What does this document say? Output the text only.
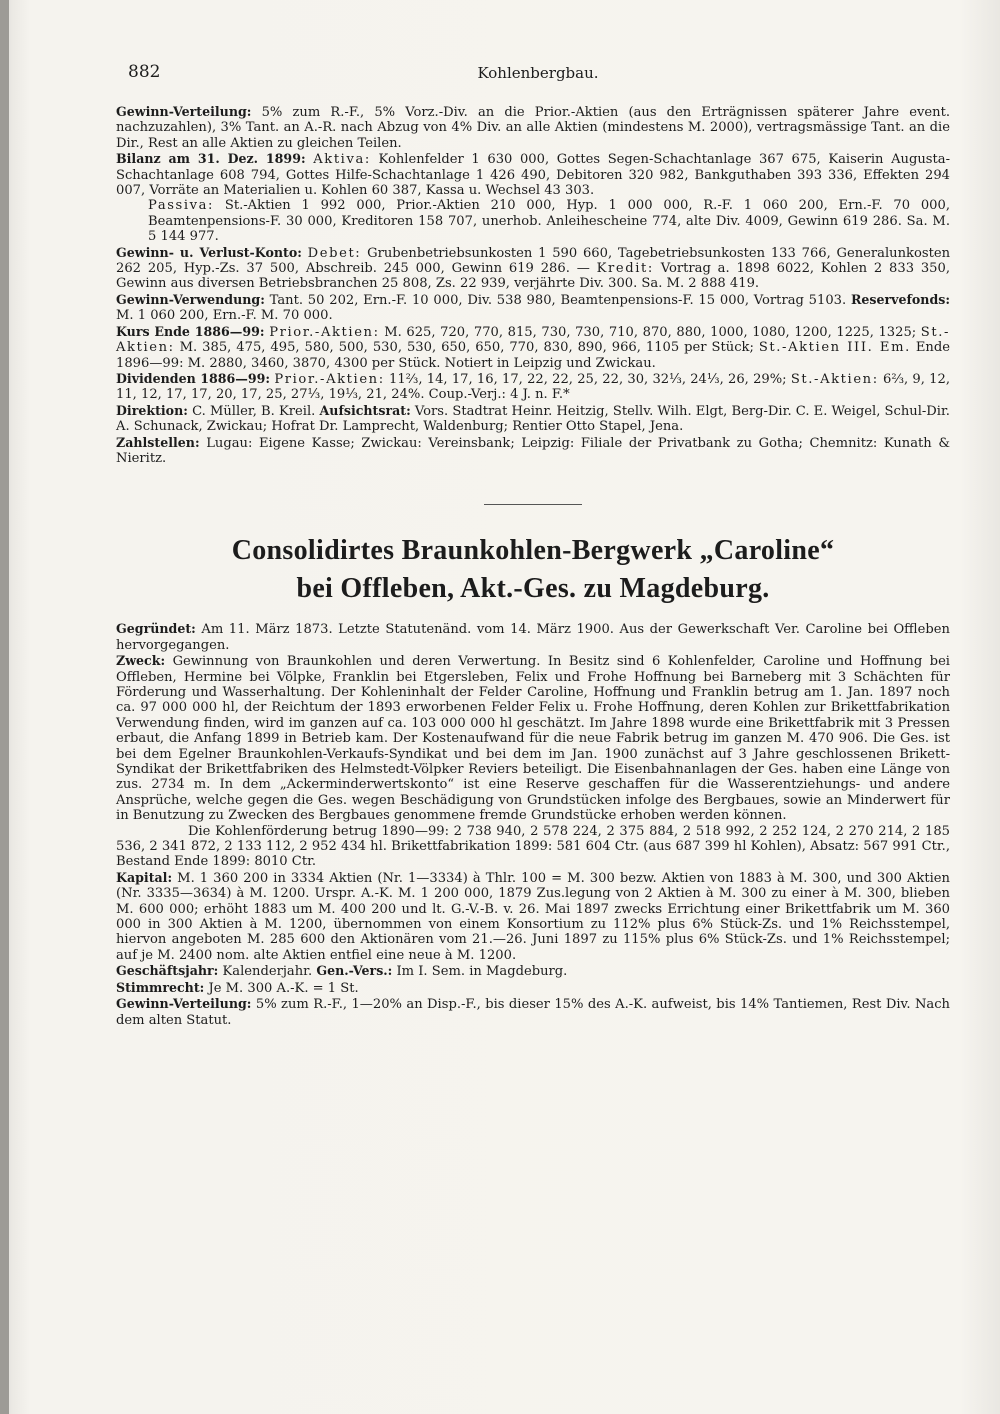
882	Kohlenbergbau.

Gewinn-Verteilung: 5% zum R.-F., 5% Vorz.-Div. an die Prior.-Aktien (aus den Erträgnissen späterer Jahre event. nachzuzahlen), 3% Tant. an A.-R. nach Abzug von 4% Div. an alle Aktien (mindestens M. 2000), vertragsmässige Tant. an die Dir., Rest an alle Aktien zu gleichen Teilen.

Bilanz am 31. Dez. 1899: Aktiva: Kohlenfelder 1 630 000, Gottes Segen-Schachtanlage 367 675, Kaiserin Augusta-Schachtanlage 608 794, Gottes Hilfe-Schachtanlage 1 426 490, Debitoren 320 982, Bankguthaben 393 336, Effekten 294 007, Vorräte an Materialien u. Kohlen 60 387, Kassa u. Wechsel 43 303.
Passiva: St.-Aktien 1 992 000, Prior.-Aktien 210 000, Hyp. 1 000 000, R.-F. 1 060 200, Ern.-F. 70 000, Beamtenpensions-F. 30 000, Kreditoren 158 707, unerhob. Anleihescheine 774, alte Div. 4009, Gewinn 619 286. Sa. M. 5 144 977.

Gewinn- u. Verlust-Konto: Debet: Grubenbetriebsunkosten 1 590 660, Tagebetriebsunkosten 133 766, Generalunkosten 262 205, Hyp.-Zs. 37 500, Abschreib. 245 000, Gewinn 619 286. — Kredit: Vortrag a. 1898 6022, Kohlen 2 833 350, Gewinn aus diversen Betriebsbranchen 25 808, Zs. 22 939, verjährte Div. 300. Sa. M. 2 888 419.

Gewinn-Verwendung: Tant. 50 202, Ern.-F. 10 000, Div. 538 980, Beamtenpensions-F. 15 000, Vortrag 5103. Reservefonds: M. 1 060 200, Ern.-F. M. 70 000.

Kurs Ende 1886—99: Prior.-Aktien: M. 625, 720, 770, 815, 730, 730, 710, 870, 880, 1000, 1080, 1200, 1225, 1325; St.-Aktien: M. 385, 475, 495, 580, 500, 530, 530, 650, 650, 770, 830, 890, 966, 1105 per Stück; St.-Aktien III. Em. Ende 1896—99: M. 2880, 3460, 3870, 4300 per Stück. Notiert in Leipzig und Zwickau.

Dividenden 1886—99: Prior.-Aktien: 11⅔, 14, 17, 16, 17, 22, 22, 25, 22, 30, 32⅓, 24⅓, 26, 29%; St.-Aktien: 6⅔, 9, 12, 11, 12, 17, 17, 20, 17, 25, 27⅓, 19⅓, 21, 24%. Coup.-Verj.: 4 J. n. F.*

Direktion: C. Müller, B. Kreil. Aufsichtsrat: Vors. Stadtrat Heinr. Heitzig, Stellv. Wilh. Elgt, Berg-Dir. C. E. Weigel, Schul-Dir. A. Schunack, Zwickau; Hofrat Dr. Lamprecht, Waldenburg; Rentier Otto Stapel, Jena.

Zahlstellen: Lugau: Eigene Kasse; Zwickau: Vereinsbank; Leipzig: Filiale der Privatbank zu Gotha; Chemnitz: Kunath & Nieritz.

Consolidirtes Braunkohlen-Bergwerk „Caroline“
bei Offleben, Akt.-Ges. zu Magdeburg.

Gegründet: Am 11. März 1873. Letzte Statutenänd. vom 14. März 1900. Aus der Gewerkschaft Ver. Caroline bei Offleben hervorgegangen.

Zweck: Gewinnung von Braunkohlen und deren Verwertung. In Besitz sind 6 Kohlenfelder, Caroline und Hoffnung bei Offleben, Hermine bei Völpke, Franklin bei Etgersleben, Felix und Frohe Hoffnung bei Barneberg mit 3 Schächten für Förderung und Wasserhaltung. Der Kohleninhalt der Felder Caroline, Hoffnung und Franklin betrug am 1. Jan. 1897 noch ca. 97 000 000 hl, der Reichtum der 1893 erworbenen Felder Felix u. Frohe Hoffnung, deren Kohlen zur Brikettfabrikation Verwendung finden, wird im ganzen auf ca. 103 000 000 hl geschätzt. Im Jahre 1898 wurde eine Brikettfabrik mit 3 Pressen erbaut, die Anfang 1899 in Betrieb kam. Der Kostenaufwand für die neue Fabrik betrug im ganzen M. 470 906. Die Ges. ist bei dem Egelner Braunkohlen-Verkaufs-Syndikat und bei dem im Jan. 1900 zunächst auf 3 Jahre geschlossenen Brikett-Syndikat der Brikettfabriken des Helmstedt-Völpker Reviers beteiligt. Die Eisenbahnanlagen der Ges. haben eine Länge von zus. 2734 m. In dem „Ackerminderwertskonto“ ist eine Reserve geschaffen für die Wasserentziehungs- und andere Ansprüche, welche gegen die Ges. wegen Beschädigung von Grundstücken infolge des Bergbaues, sowie an Minderwert für in Benutzung zu Zwecken des Bergbaues genommene fremde Grundstücke erhoben werden können.

Die Kohlenförderung betrug 1890—99: 2 738 940, 2 578 224, 2 375 884, 2 518 992, 2 252 124, 2 270 214, 2 185 536, 2 341 872, 2 133 112, 2 952 434 hl. Brikettfabrikation 1899: 581 604 Ctr. (aus 687 399 hl Kohlen), Absatz: 567 991 Ctr., Bestand Ende 1899: 8010 Ctr.

Kapital: M. 1 360 200 in 3334 Aktien (Nr. 1—3334) à Thlr. 100 = M. 300 bezw. Aktien von 1883 à M. 300, und 300 Aktien (Nr. 3335—3634) à M. 1200. Urspr. A.-K. M. 1 200 000, 1879 Zus.legung von 2 Aktien à M. 300 zu einer à M. 300, blieben M. 600 000; erhöht 1883 um M. 400 200 und lt. G.-V.-B. v. 26. Mai 1897 zwecks Errichtung einer Brikettfabrik um M. 360 000 in 300 Aktien à M. 1200, übernommen von einem Konsortium zu 112% plus 6% Stück-Zs. und 1% Reichsstempel, hiervon angeboten M. 285 600 den Aktionären vom 21.—26. Juni 1897 zu 115% plus 6% Stück-Zs. und 1% Reichsstempel; auf je M. 2400 nom. alte Aktien entfiel eine neue à M. 1200.

Geschäftsjahr: Kalenderjahr. Gen.-Vers.: Im I. Sem. in Magdeburg.

Stimmrecht: Je M. 300 A.-K. = 1 St.

Gewinn-Verteilung: 5% zum R.-F., 1—20% an Disp.-F., bis dieser 15% des A.-K. aufweist, bis 14% Tantiemen, Rest Div. Nach dem alten Statut.
